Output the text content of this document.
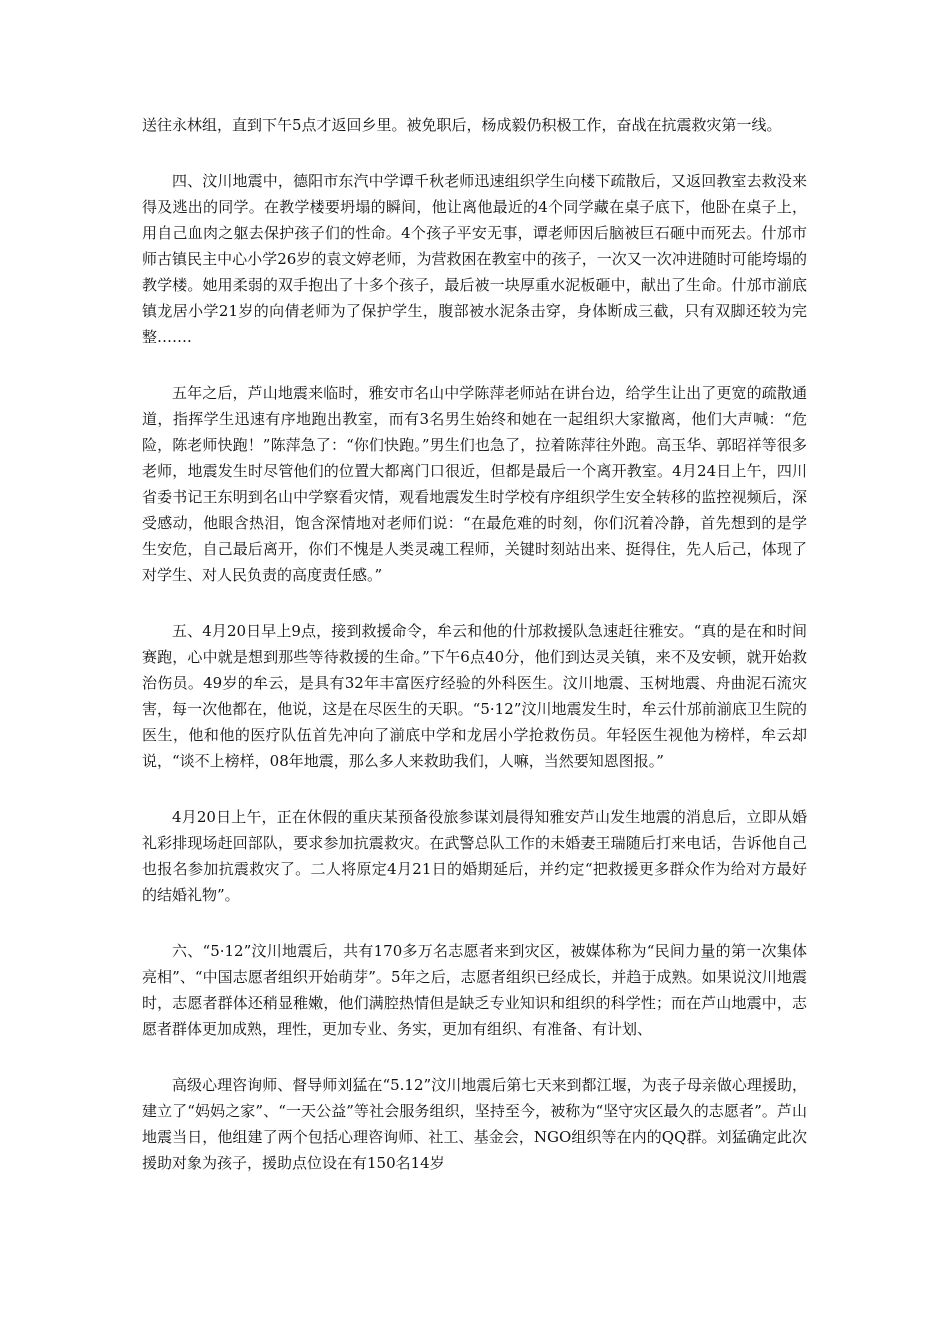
送往永林组，直到下午5点才返回乡里。被免职后，杨成毅仍积极工作，奋战在抗震救灾第一线。

四、汶川地震中，德阳市东汽中学谭千秋老师迅速组织学生向楼下疏散后，又返回教室去救没来得及逃出的同学。在教学楼要坍塌的瞬间，他让离他最近的4个同学藏在桌子底下，他卧在桌子上，用自己血肉之躯去保护孩子们的性命。4个孩子平安无事，谭老师因后脑被巨石砸中而死去。什邡市师古镇民主中心小学26岁的袁文婷老师，为营救困在教室中的孩子，一次又一次冲进随时可能垮塌的教学楼。她用柔弱的双手抱出了十多个孩子，最后被一块厚重水泥板砸中，献出了生命。什邡市湔底镇龙居小学21岁的向倩老师为了保护学生，腹部被水泥条击穿，身体断成三截，只有双脚还较为完整…….

五年之后，芦山地震来临时，雅安市名山中学陈萍老师站在讲台边，给学生让出了更宽的疏散通道，指挥学生迅速有序地跑出教室，而有3名男生始终和她在一起组织大家撤离，他们大声喊：“危险，陈老师快跑！”陈萍急了：“你们快跑。”男生们也急了，拉着陈萍往外跑。高玉华、郭昭祥等很多老师，地震发生时尽管他们的位置大都离门口很近，但都是最后一个离开教室。4月24日上午，四川省委书记王东明到名山中学察看灾情，观看地震发生时学校有序组织学生安全转移的监控视频后，深受感动，他眼含热泪，饱含深情地对老师们说：“在最危难的时刻，你们沉着冷静，首先想到的是学生安危，自己最后离开，你们不愧是人类灵魂工程师，关键时刻站出来、挺得住，先人后己，体现了对学生、对人民负责的高度责任感。”

五、4月20日早上9点，接到救援命令，牟云和他的什邡救援队急速赶往雅安。“真的是在和时间赛跑，心中就是想到那些等待救援的生命。”下午6点40分，他们到达灵关镇，来不及安顿，就开始救治伤员。49岁的牟云，是具有32年丰富医疗经验的外科医生。汶川地震、玉树地震、舟曲泥石流灾害，每一次他都在，他说，这是在尽医生的天职。“5·12”汶川地震发生时，牟云什邡前湔底卫生院的医生，他和他的医疗队伍首先冲向了湔底中学和龙居小学抢救伤员。年轻医生视他为榜样，牟云却说，“谈不上榜样，08年地震，那么多人来救助我们，人嘛，当然要知恩图报。”

4月20日上午，正在休假的重庆某预备役旅参谋刘晨得知雅安芦山发生地震的消息后，立即从婚礼彩排现场赶回部队，要求参加抗震救灾。在武警总队工作的未婚妻王瑞随后打来电话，告诉他自己也报名参加抗震救灾了。二人将原定4月21日的婚期延后，并约定“把救援更多群众作为给对方最好的结婚礼物”。

六、“5·12”汶川地震后，共有170多万名志愿者来到灾区，被媒体称为“民间力量的第一次集体亮相”、“中国志愿者组织开始萌芽”。5年之后，志愿者组织已经成长，并趋于成熟。如果说汶川地震时，志愿者群体还稍显稚嫩，他们满腔热情但是缺乏专业知识和组织的科学性；而在芦山地震中，志愿者群体更加成熟，理性，更加专业、务实，更加有组织、有准备、有计划、

高级心理咨询师、督导师刘猛在“5.12”汶川地震后第七天来到都江堰，为丧子母亲做心理援助，建立了“妈妈之家”、“一天公益”等社会服务组织，坚持至今，被称为“坚守灾区最久的志愿者”。芦山地震当日，他组建了两个包括心理咨询师、社工、基金会，NGO组织等在内的QQ群。刘猛确定此次援助对象为孩子，援助点位设在有150名14岁
